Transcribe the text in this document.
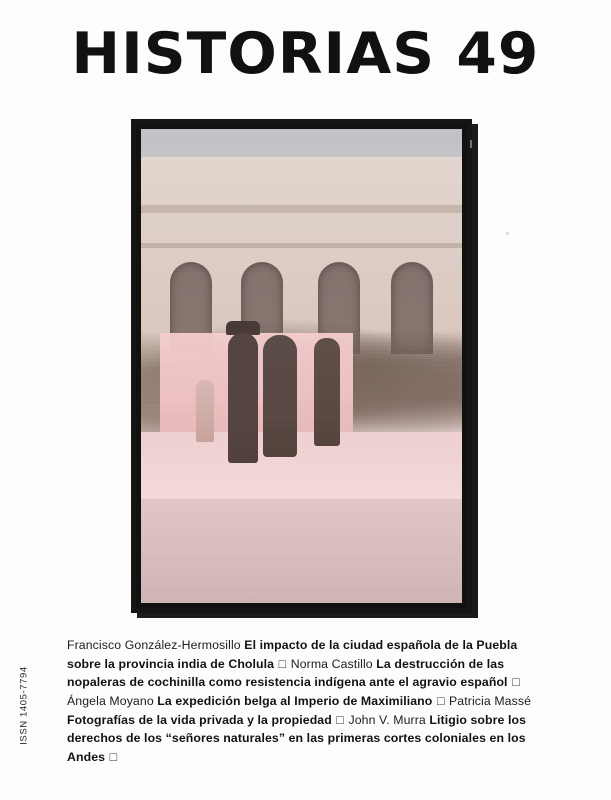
HISTORIAS 49
Francisco González-Hermosillo El impacto de la ciudad española de la Puebla sobre la provincia india de Cholula □ Norma Castillo La destrucción de las nopaleras de cochinilla como resistencia indígena ante el agravio español □ Ángela Moyano La expedición belga al Imperio de Maximiliano □ Patricia Massé Fotografías de la vida privada y la propiedad □ John V. Murra Litigio sobre los derechos de los “señores naturales” en las primeras cortes coloniales en los Andes □
ISSN 1405-7794
